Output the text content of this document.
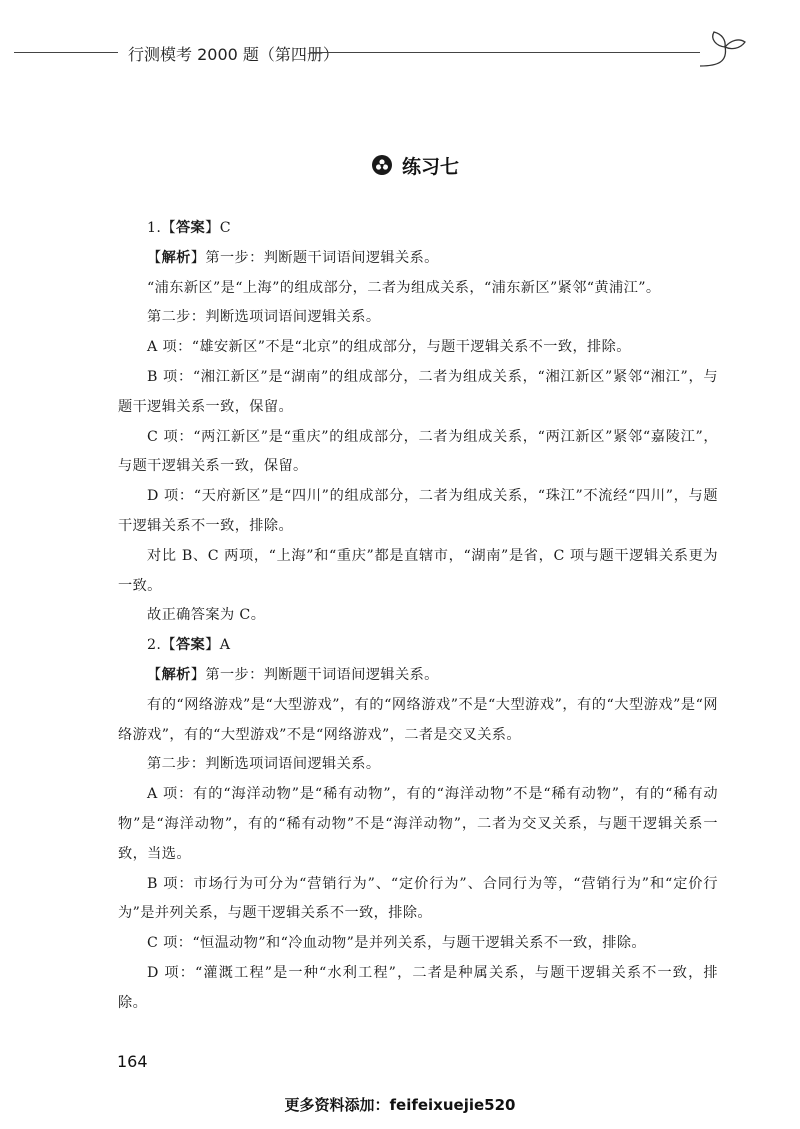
行测模考 2000 题（第四册）
练习七

1.【答案】C

【解析】第一步：判断题干词语间逻辑关系。

“浦东新区”是“上海”的组成部分，二者为组成关系，“浦东新区”紧邻“黄浦江”。

第二步：判断选项词语间逻辑关系。

A 项：“雄安新区”不是“北京”的组成部分，与题干逻辑关系不一致，排除。

B 项：“湘江新区”是“湖南”的组成部分，二者为组成关系，“湘江新区”紧邻“湘江”，与题干逻辑关系一致，保留。

C 项：“两江新区”是“重庆”的组成部分，二者为组成关系，“两江新区”紧邻“嘉陵江”，与题干逻辑关系一致，保留。

D 项：“天府新区”是“四川”的组成部分，二者为组成关系，“珠江”不流经“四川”，与题干逻辑关系不一致，排除。

对比 B、C 两项，“上海”和“重庆”都是直辖市，“湖南”是省，C 项与题干逻辑关系更为一致。

故正确答案为 C。

2.【答案】A

【解析】第一步：判断题干词语间逻辑关系。

有的“网络游戏”是“大型游戏”，有的“网络游戏”不是“大型游戏”，有的“大型游戏”是“网络游戏”，有的“大型游戏”不是“网络游戏”，二者是交叉关系。

第二步：判断选项词语间逻辑关系。

A 项：有的“海洋动物”是“稀有动物”，有的“海洋动物”不是“稀有动物”，有的“稀有动物”是“海洋动物”，有的“稀有动物”不是“海洋动物”，二者为交叉关系，与题干逻辑关系一致，当选。

B 项：市场行为可分为“营销行为”、“定价行为”、合同行为等，“营销行为”和“定价行为”是并列关系，与题干逻辑关系不一致，排除。

C 项：“恒温动物”和“冷血动物”是并列关系，与题干逻辑关系不一致，排除。

D 项：“灌溉工程”是一种“水利工程”，二者是种属关系，与题干逻辑关系不一致，排除。

164
更多资料添加：feifeixuejie520
